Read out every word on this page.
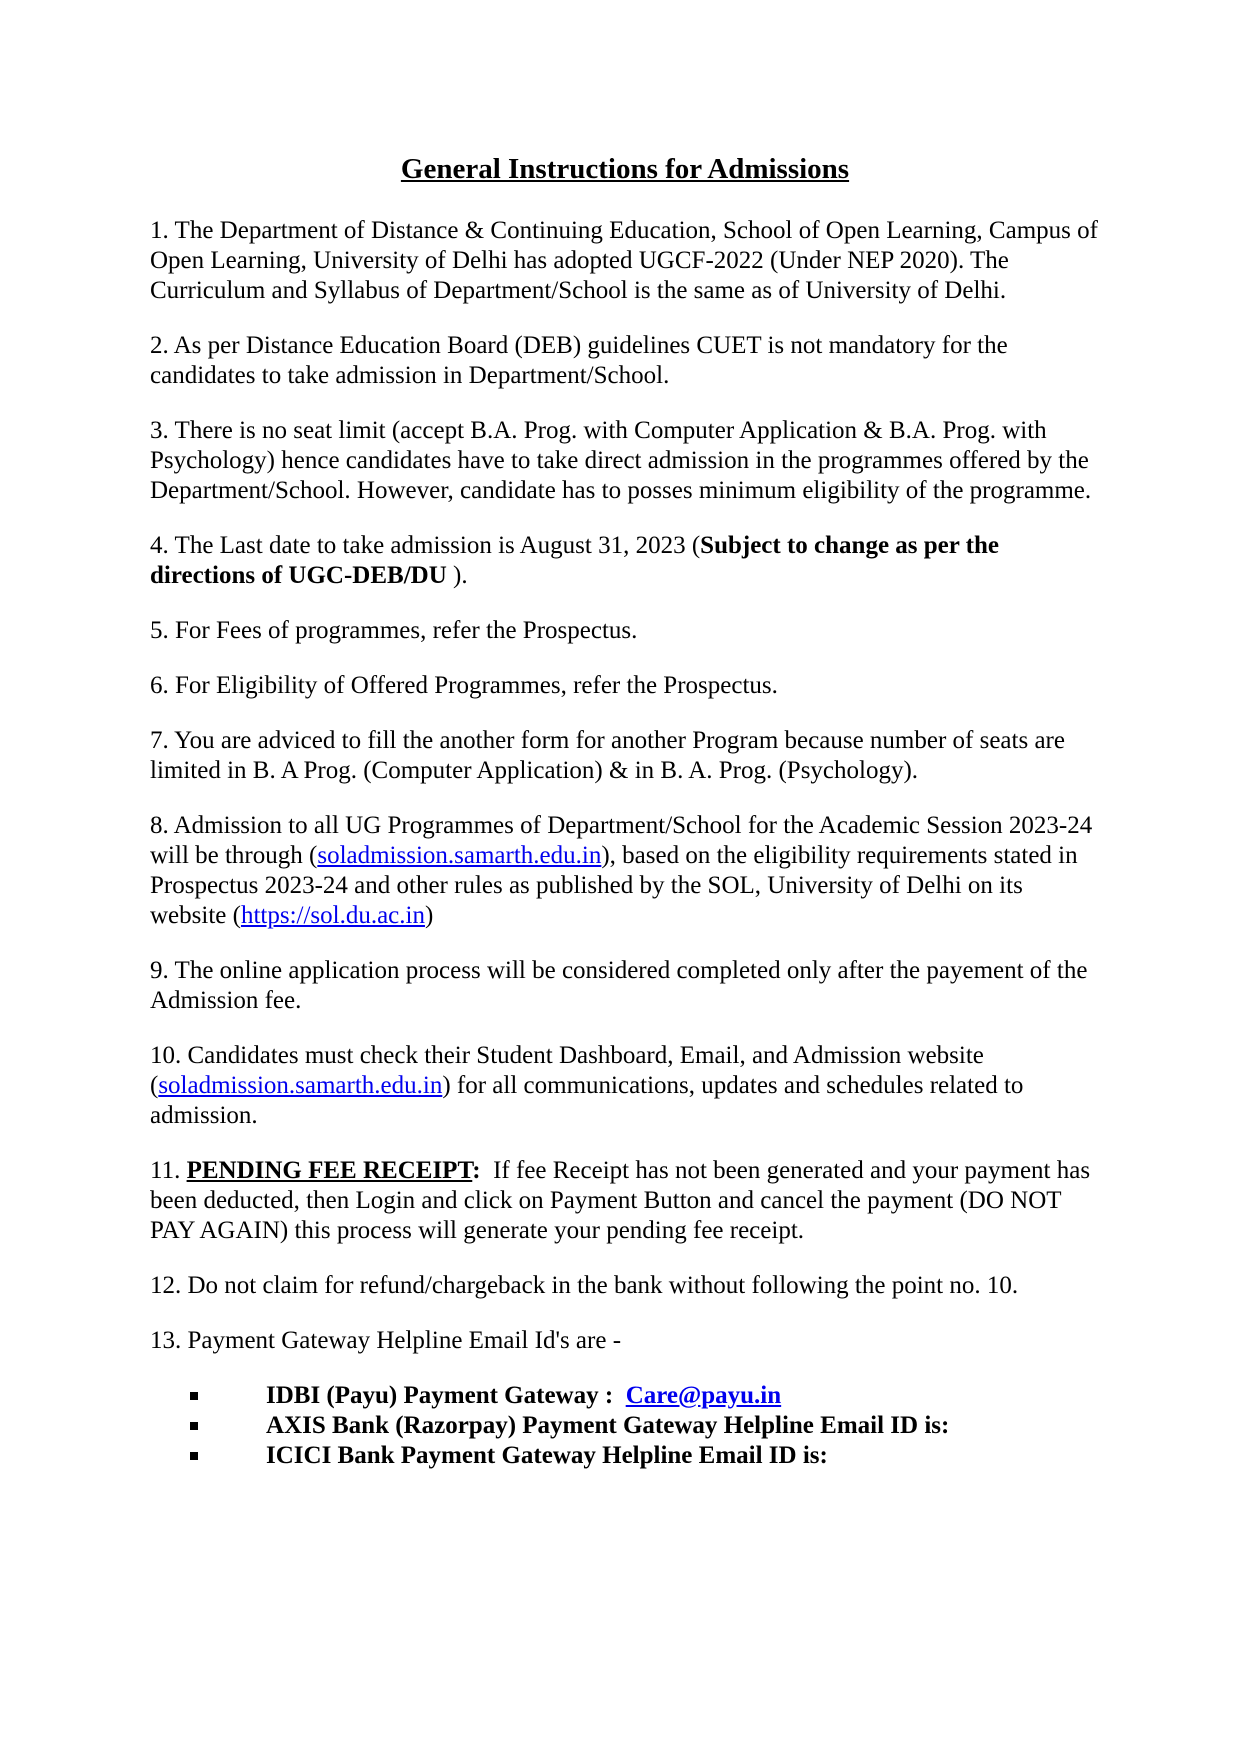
General Instructions for Admissions

1. The Department of Distance & Continuing Education, School of Open Learning, Campus of Open Learning, University of Delhi has adopted UGCF-2022 (Under NEP 2020). The Curriculum and Syllabus of Department/School is the same as of University of Delhi.

2. As per Distance Education Board (DEB) guidelines CUET is not mandatory for the candidates to take admission in Department/School.

3. There is no seat limit (accept B.A. Prog. with Computer Application & B.A. Prog. with Psychology) hence candidates have to take direct admission in the programmes offered by the Department/School. However, candidate has to posses minimum eligibility of the programme.

4. The Last date to take admission is August 31, 2023 (Subject to change as per the directions of UGC-DEB/DU ).

5. For Fees of programmes, refer the Prospectus.

6. For Eligibility of Offered Programmes, refer the Prospectus.

7. You are adviced to fill the another form for another Program because number of seats are limited in B. A Prog. (Computer Application) & in B. A. Prog. (Psychology).

8. Admission to all UG Programmes of Department/School for the Academic Session 2023-24 will be through (soladmission.samarth.edu.in), based on the eligibility requirements stated in Prospectus 2023-24 and other rules as published by the SOL, University of Delhi on its website (https://sol.du.ac.in)

9. The online application process will be considered completed only after the payement of the Admission fee.

10. Candidates must check their Student Dashboard, Email, and Admission website (soladmission.samarth.edu.in) for all communications, updates and schedules related to admission.

11. PENDING FEE RECEIPT:  If fee Receipt has not been generated and your payment has been deducted, then Login and click on Payment Button and cancel the payment (DO NOT PAY AGAIN) this process will generate your pending fee receipt.

12. Do not claim for refund/chargeback in the bank without following the point no. 10.

13. Payment Gateway Helpline Email Id's are -

IDBI (Payu) Payment Gateway :  Care@payu.in
AXIS Bank (Razorpay) Payment Gateway Helpline Email ID is:
ICICI Bank Payment Gateway Helpline Email ID is:
